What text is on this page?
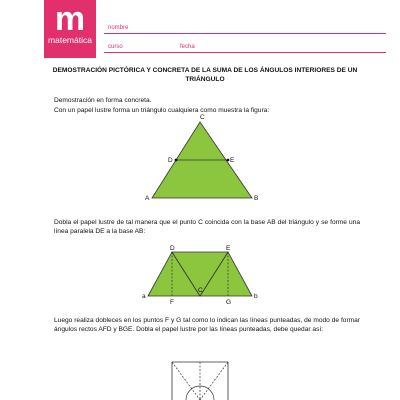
m
matemática
6º básico
nombre
curso	fecha
DEMOSTRACIÓN PICTÓRICA Y CONCRETA DE LA SUMA DE LOS ÁNGULOS INTERIORES DE UN TRIÁNGULO
Demostración en forma concreta.
Con un papel lustre forma un triángulo cualquiera como muestra la figura:
C
D	E
A	B
Dobla el papel lustre de tal manera que el punto C coincida con la base AB del triángulo y se forme una línea paralela DE a la base AB:
D	E
a
F
C
G
b
Luego realiza dobleces en los puntos F y G tal como lo indican las líneas punteadas, de modo de formar ángulos rectos AFD y BGE. Dobla el papel lustre por las líneas punteadas, debe quedar así:
